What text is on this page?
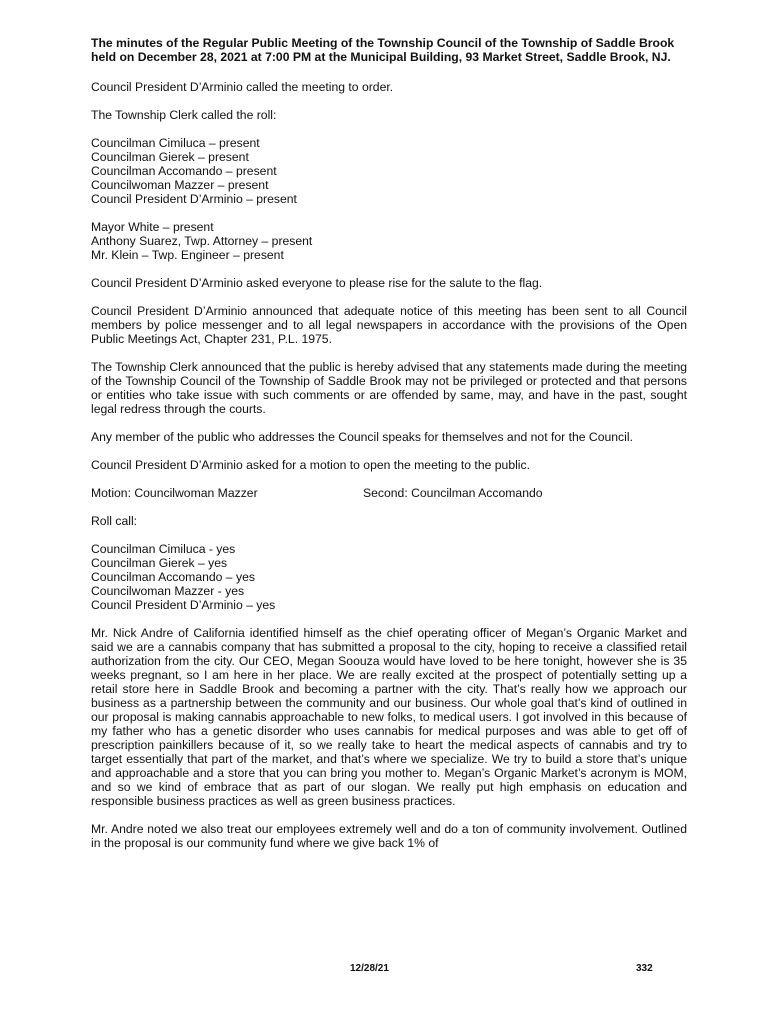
The minutes of the Regular Public Meeting of the Township Council of the Township of Saddle Brook held on December 28, 2021 at 7:00 PM at the Municipal Building, 93 Market Street, Saddle Brook, NJ.

Council President D’Arminio called the meeting to order.

The Township Clerk called the roll:

Councilman Cimiluca – present

Councilman Gierek – present

Councilman Accomando – present

Councilwoman Mazzer – present

Council President D’Arminio – present

Mayor White – present

Anthony Suarez, Twp. Attorney – present

Mr. Klein – Twp. Engineer – present

Council President D’Arminio asked everyone to please rise for the salute to the flag.

Council President D’Arminio announced that adequate notice of this meeting has been sent to all Council members by police messenger and to all legal newspapers in accordance with the provisions of the Open Public Meetings Act, Chapter 231, P.L. 1975.

The Township Clerk announced that the public is hereby advised that any statements made during the meeting of the Township Council of the Township of Saddle Brook may not be privileged or protected and that persons or entities who take issue with such comments or are offended by same, may, and have in the past, sought legal redress through the courts.

Any member of the public who addresses the Council speaks for themselves and not for the Council.

Council President D’Arminio asked for a motion to open the meeting to the public.

Motion: Councilwoman Mazzer	Second: Councilman Accomando

Roll call:

Councilman Cimiluca - yes

Councilman Gierek – yes

Councilman Accomando – yes

Councilwoman Mazzer - yes

Council President D’Arminio – yes

Mr. Nick Andre of California identified himself as the chief operating officer of Megan’s Organic Market and said we are a cannabis company that has submitted a proposal to the city, hoping to receive a classified retail authorization from the city. Our CEO, Megan Soouza would have loved to be here tonight, however she is 35 weeks pregnant, so I am here in her place. We are really excited at the prospect of potentially setting up a retail store here in Saddle Brook and becoming a partner with the city. That’s really how we approach our business as a partnership between the community and our business. Our whole goal that’s kind of outlined in our proposal is making cannabis approachable to new folks, to medical users. I got involved in this because of my father who has a genetic disorder who uses cannabis for medical purposes and was able to get off of prescription painkillers because of it, so we really take to heart the medical aspects of cannabis and try to target essentially that part of the market, and that’s where we specialize. We try to build a store that’s unique and approachable and a store that you can bring you mother to. Megan’s Organic Market’s acronym is MOM, and so we kind of embrace that as part of our slogan. We really put high emphasis on education and responsible business practices as well as green business practices.

Mr. Andre noted we also treat our employees extremely well and do a ton of community involvement. Outlined in the proposal is our community fund where we give back 1% of

12/28/21	332
